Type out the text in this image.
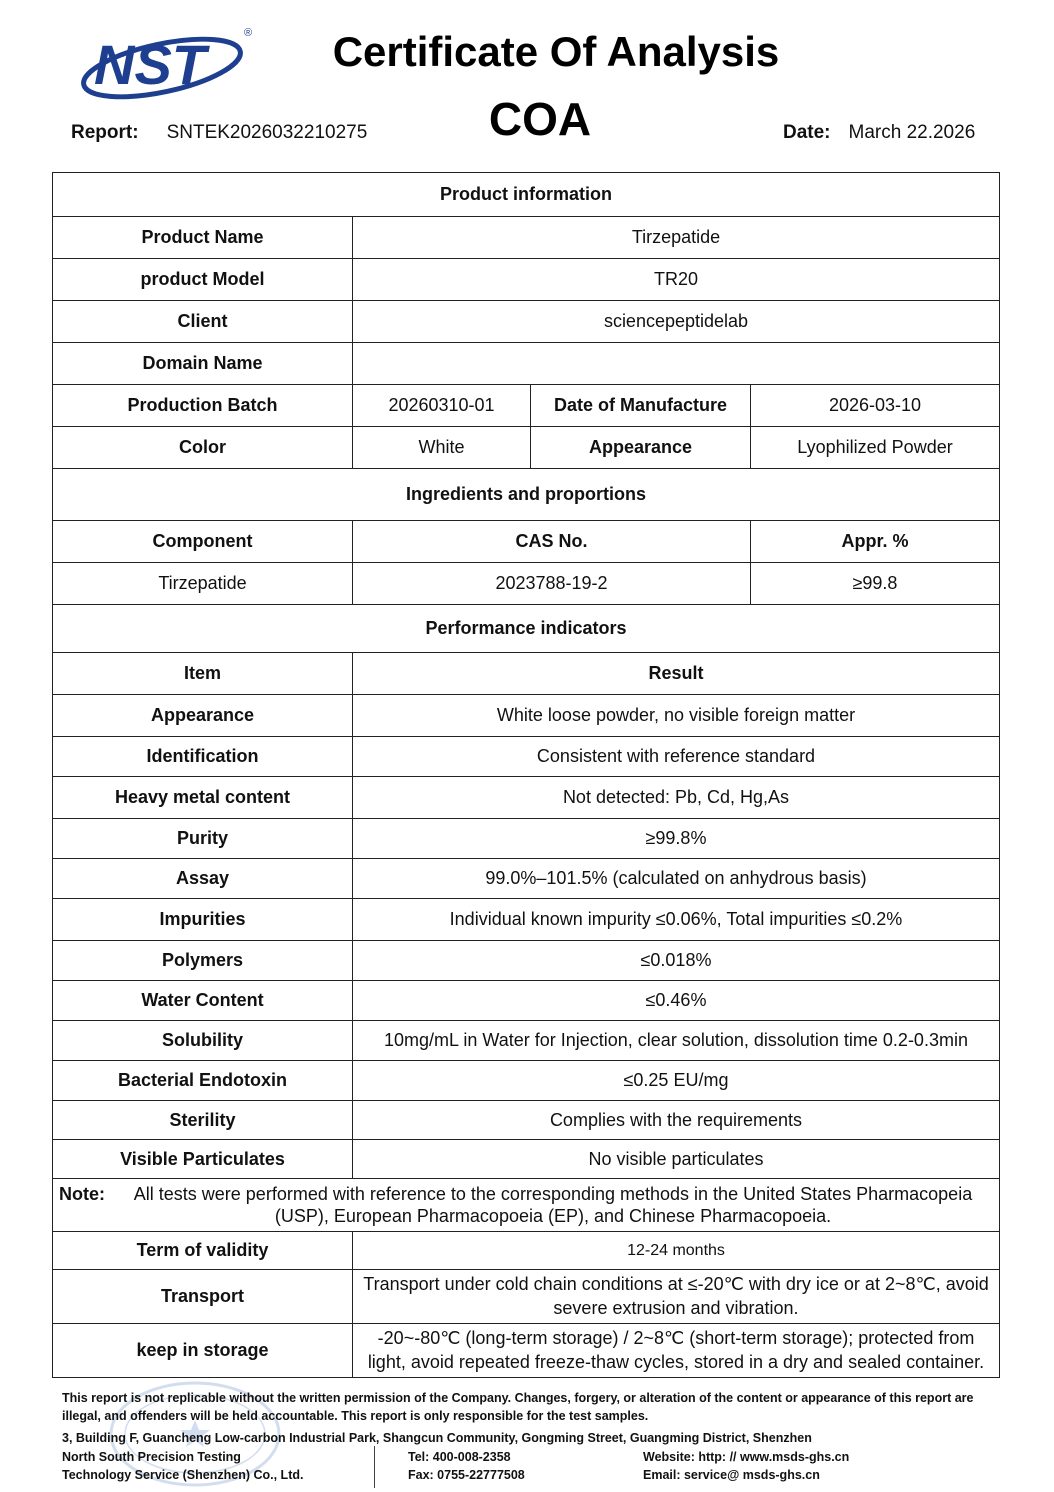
NST	®	Certificate Of Analysis
COA
Report: SNTEK2026032210275	Date: March 22.2026
Product information			
Product Name	Tirzepatide		
product Model	TR20		
Client	sciencepeptidelab		
Domain Name			
Production Batch	20260310-01	Date of Manufacture	2026-03-10
Color	White	Appearance	Lyophilized Powder
Ingredients and proportions			
Component	CAS No.		Appr. %
Tirzepatide	2023788-19-2		≥99.8
Performance indicators			
Item	Result		
Appearance	White loose powder, no visible foreign matter		
Identification	Consistent with reference standard		
Heavy metal content	Not detected: Pb, Cd, Hg,As		
Purity	≥99.8%		
Assay	99.0%–101.5% (calculated on anhydrous basis)		
Impurities	Individual known impurity ≤0.06%, Total impurities ≤0.2%		
Polymers	≤0.018%		
Water Content	≤0.46%		
Solubility	10mg/mL in Water for Injection, clear solution, dissolution time 0.2-0.3min		
Bacterial Endotoxin	≤0.25 EU/mg		
Sterility	Complies with the requirements		
Visible Particulates	No visible particulates		

Note: All tests were performed with reference to the corresponding methods in the United States Pharmacopeia (USP), European Pharmacopoeia (EP), and Chinese Pharmacopoeia.			

Term of validity	12-24 months		
Transport	Transport under cold chain conditions at ≤-20℃ with dry ice or at 2~8℃, avoid severe extrusion and vibration.		
keep in storage	-20~-80℃ (long-term storage) / 2~8℃ (short-term storage); protected from light, avoid repeated freeze-thaw cycles, stored in a dry and sealed container.		
This report is not replicable without the written permission of the Company. Changes, forgery, or alteration of the content or appearance of this report are illegal, and offenders will be held accountable. This report is only responsible for the test samples.
3, Building F, Guancheng Low-carbon Industrial Park, Shangcun Community, Gongming Street, Guangming District, Shenzhen
North South Precision Testing
Technology Service (Shenzhen) Co., Ltd.
Tel: 400-008-2358
Fax: 0755-22777508
Website: http: // www.msds-ghs.cn
Email: service@ msds-ghs.cn
